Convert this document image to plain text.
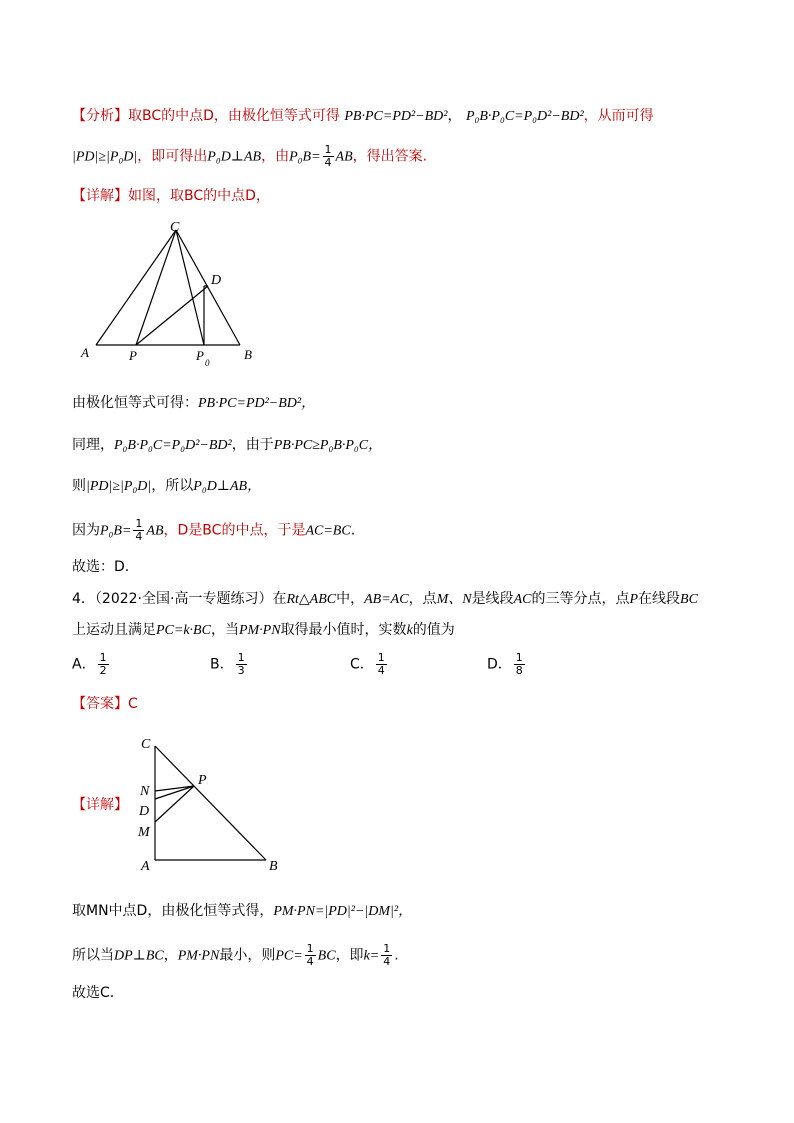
【分析】取BC的中点D，由极化恒等式可得 PB·PC=PD²−BD²， P₀B·P₀C=P₀D²−BD²，从而可得
|PD|≥|P₀D|，即可得出P₀D⊥AB，由$P_0B= \frac{1}{4}$ AB，得出答案.
【详解】如图，取BC的中点D，
C
D
A	P	P 0
B
由极化恒等式可得：PB·PC=PD²−BD²，
同理，P₀B·P₀C=P₀D²−BD²，由于PB·PC≥P₀B·P₀C，
则|PD|≥|P₀D|，所以P₀D⊥AB，
因为$P_0B= \frac{1}{4}$ AB，D是BC的中点，于是AC=BC.
故选：D.
4．（2022·全国·高一专题练习）在Rt△ABC中，AB=AC，点M、N是线段AC的三等分点，点P在线段BC
上运动且满足PC=k·BC，当PM·PN取得最小值时，实数k的值为
A． $\frac{1}{2}$	B． $\frac{1}{3}$	C． $\frac{1}{4}$	D． $\frac{1}{8}$
【答案】C
【详解】
C
N
D
M
A
P
B
取MN中点D，由极化恒等式得，PM·PN=|PD|²−|DM|²，
所以当DP⊥BC，PM·PN最小，则$PC= \frac{1}{4}$ BC，即$k= \frac{1}{4}$ .
故选C.
